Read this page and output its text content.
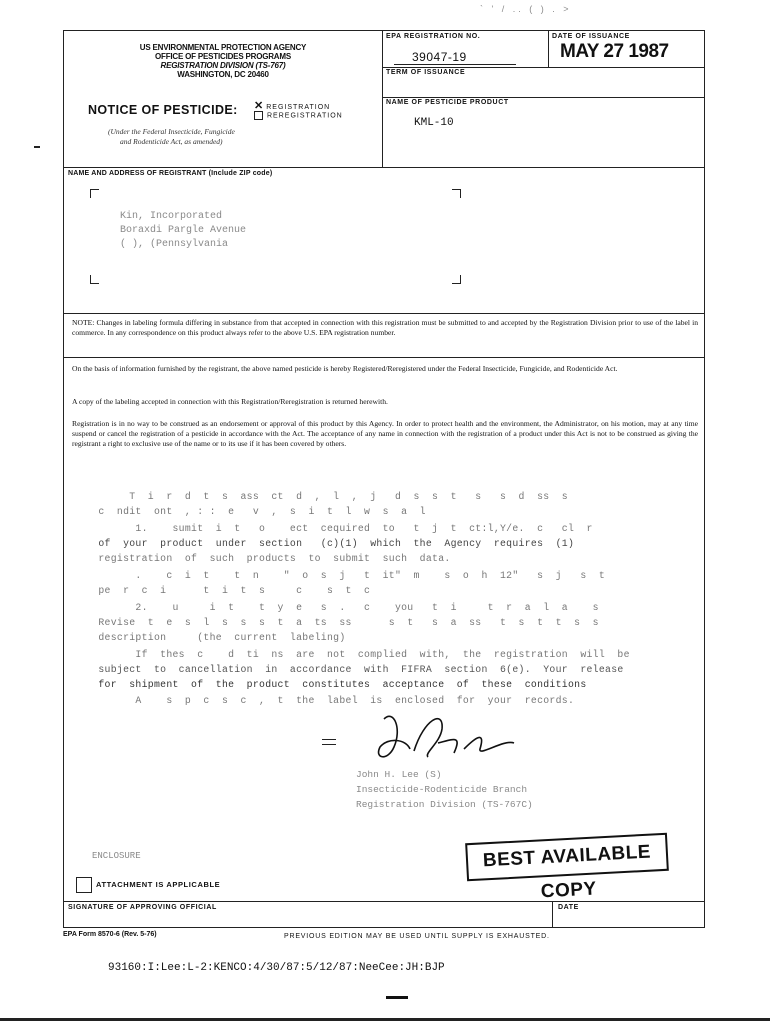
` ' / .. ( ) . >
US ENVIRONMENTAL PROTECTION AGENCY
OFFICE OF PESTICIDES PROGRAMS
REGISTRATION DIVISION (TS-767)
WASHINGTON, DC 20460
NOTICE OF PESTICIDE: ✕ REGISTRATION
REREGISTRATION
(Under the Federal Insecticide, Fungicide
and Rodenticide Act, as amended)
EPA REGISTRATION NO.
39047-19
DATE OF ISSUANCE
MAY 27 1987
TERM OF ISSUANCE
NAME OF PESTICIDE PRODUCT
KML-10
NAME AND ADDRESS OF REGISTRANT (Include ZIP code)
Kin, Incorporated
Boraxdi Pargle Avenue
( ), (Pennsylvania
NOTE: Changes in labeling formula differing in substance from that accepted in connection with this registration must be submitted to and accepted by the Registration Division prior to use of the label in commerce. In any correspondence on this product always refer to the above U.S. EPA registration number.
On the basis of information furnished by the registrant, the above named pesticide is hereby Registered/Reregistered under the Federal Insecticide, Fungicide, and Rodenticide Act.
A copy of the labeling accepted in connection with this Registration/Reregistration is returned herewith.
Registration is in no way to be construed as an endorsement or approval of this product by this Agency. In order to protect health and the environment, the Administrator, on his motion, may at any time suspend or cancel the registration of a pesticide in accordance with the Act. The acceptance of any name in connection with the registration of a product under this Act is not to be construed as giving the registrant a right to exclusive use of the name or to its use if it has been covered by others.
T  i  r  d  t  s  ass  ct  d  ,  l  ,  j   d  s  s  t   s   s  d  ss  s
c  ndit  ont  , : :  e   v  ,  s  i  t  l  w  s  a  l
1.    sumit  i  t   o    ect  cequired  to   t  j  t  ct:l,Y/e.  c   cl  r
of  your  product  under  section   (c)(1)  which  the  Agency  requires  (1)
registration  of  such  products  to  submit  such  data.
.    c  i  t    t  n    "  o  s  j   t  it"  m    s  o  h  12"   s  j   s  t
pe  r  c  i      t  i  t  s     c    s  t  c
2.    u     i  t    t  y  e   s  .   c    you   t  i     t  r  a  l  a    s
Revise  t  e  s  l  s  s  s  t  a  ts  ss      s  t   s  a  ss   t  s  t  t  s  s
description     (the  current  labeling)
If  thes  c    d  ti  ns  are  not  complied  with,  the  registration  will  be
subject  to  cancellation  in  accordance  with  FIFRA  section  6(e).  Your  release
for  shipment  of  the  product  constitutes  acceptance  of  these  conditions
A    s  p  c  s  c  ,  t  the  label  is  enclosed  for  your  records.
John H. Lee (S)
Insecticide-Rodenticide Branch
Registration Division (TS-767C)
ENCLOSURE
ATTACHMENT IS APPLICABLE
SIGNATURE OF APPROVING OFFICIAL	DATE
BEST AVAILABLE COPY
EPA Form 8570-6 (Rev. 5-76)	PREVIOUS EDITION MAY BE USED UNTIL SUPPLY IS EXHAUSTED.
93160:I:Lee:L-2:KENCO:4/30/87:5/12/87:NeeCee:JH:BJP
